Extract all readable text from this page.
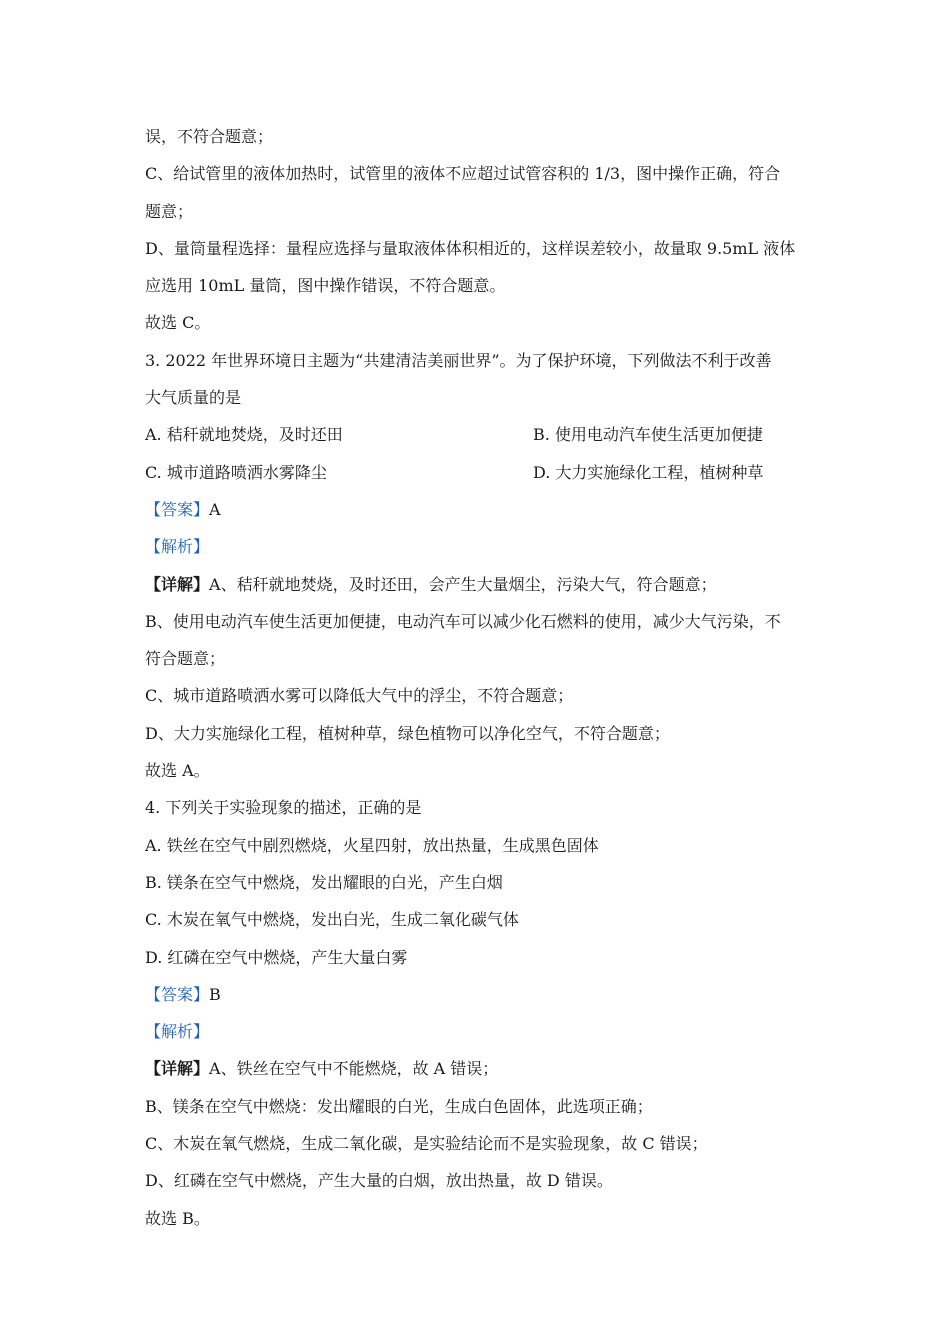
误，不符合题意；
C、给试管里的液体加热时，试管里的液体不应超过试管容积的 1/3，图中操作正确，符合
题意；
D、量筒量程选择：量程应选择与量取液体体积相近的，这样误差较小，故量取 9.5mL 液体
应选用 10mL 量筒，图中操作错误，不符合题意。
故选 C。
3. 2022 年世界环境日主题为“共建清洁美丽世界”。为了保护环境，下列做法不利于改善
大气质量的是
A. 秸秆就地焚烧，及时还田	B. 使用电动汽车使生活更加便捷
C. 城市道路喷洒水雾降尘	D. 大力实施绿化工程，植树种草
【答案】A
【解析】
【详解】A、秸秆就地焚烧，及时还田，会产生大量烟尘，污染大气，符合题意；
B、使用电动汽车使生活更加便捷，电动汽车可以减少化石燃料的使用，减少大气污染，不
符合题意；
C、城市道路喷洒水雾可以降低大气中的浮尘，不符合题意；
D、大力实施绿化工程，植树种草，绿色植物可以净化空气，不符合题意；
故选 A。
4. 下列关于实验现象的描述，正确的是
A. 铁丝在空气中剧烈燃烧，火星四射，放出热量，生成黑色固体
B. 镁条在空气中燃烧，发出耀眼的白光，产生白烟
C. 木炭在氧气中燃烧，发出白光，生成二氧化碳气体
D. 红磷在空气中燃烧，产生大量白雾
【答案】B
【解析】
【详解】A、铁丝在空气中不能燃烧，故 A 错误；
B、镁条在空气中燃烧：发出耀眼的白光，生成白色固体，此选项正确；
C、木炭在氧气燃烧，生成二氧化碳，是实验结论而不是实验现象，故 C 错误；
D、红磷在空气中燃烧，产生大量的白烟，放出热量，故 D 错误。
故选 B。
